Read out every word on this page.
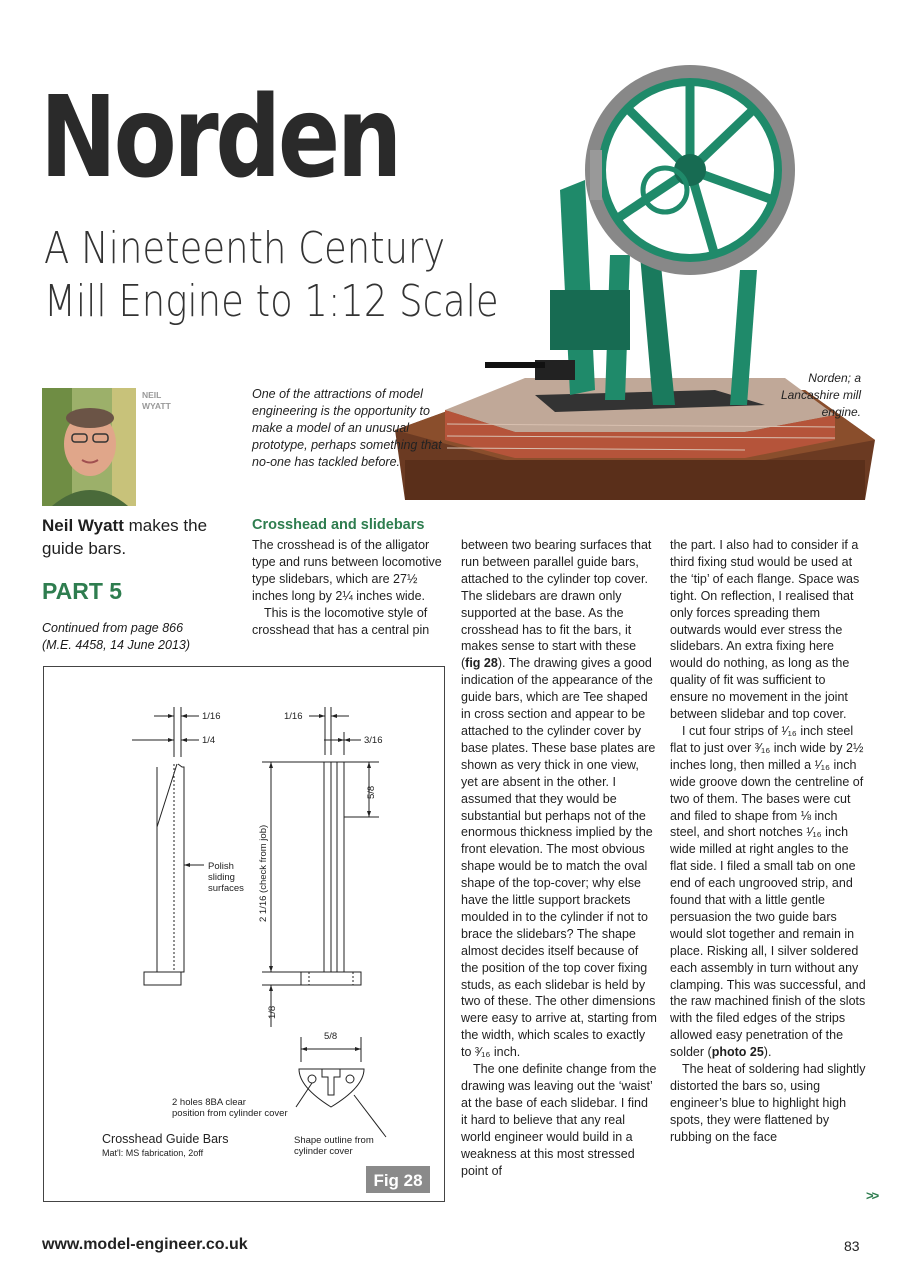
Norden
A Nineteenth Century
Mill Engine to 1:12 Scale
Norden; a Lancashire mill engine.
NEIL
WYATT
One of the attractions of model engineering is the opportunity to make a model of an unusual prototype, perhaps something that no-one has tackled before.
Neil Wyatt makes the guide bars.
PART 5
Continued from page 866
(M.E. 4458, 14 June 2013)
Crosshead and slidebars

The crosshead is of the alligator type and runs between locomotive type slidebars, which are 27½ inches long by 2¼ inches wide.

This is the locomotive style of crosshead that has a central pin

between two bearing surfaces that run between parallel guide bars, attached to the cylinder top cover. The slidebars are drawn only supported at the base. As the crosshead has to fit the bars, it makes sense to start with these (fig 28). The drawing gives a good indication of the appearance of the guide bars, which are Tee shaped in cross section and appear to be attached to the cylinder cover by base plates. These base plates are shown as very thick in one view, yet are absent in the other. I assumed that they would be substantial but perhaps not of the enormous thickness implied by the front elevation. The most obvious shape would be to match the oval shape of the top-cover; why else have the little support brackets moulded in to the cylinder if not to brace the slidebars? The shape almost decides itself because of the position of the top cover fixing studs, as each slidebar is held by two of these. The other dimensions were easy to arrive at, starting from the width, which scales to exactly to ³⁄₁₆ inch.

The one definite change from the drawing was leaving out the ‘waist’ at the base of each slidebar. I find it hard to believe that any real world engineer would build in a weakness at this most stressed point of

the part. I also had to consider if a third fixing stud would be used at the ‘tip’ of each flange. Space was tight. On reflection, I realised that only forces spreading them outwards would ever stress the slidebars. An extra fixing here would do nothing, as long as the quality of fit was sufficient to ensure no movement in the joint between slidebar and top cover.

I cut four strips of ¹⁄₁₆ inch steel flat to just over ³⁄₁₆ inch wide by 2½ inches long, then milled a ¹⁄₁₆ inch wide groove down the centreline of two of them. The bases were cut and filed to shape from ⅛ inch steel, and short notches ¹⁄₁₆ inch wide milled at right angles to the flat side. I filed a small tab on one end of each ungrooved strip, and found that with a little gentle persuasion the two guide bars would slot together and remain in place. Risking all, I silver soldered each assembly in turn without any clamping. This was successful, and the raw machined finish of the slots with the filed edges of the strips allowed easy penetration of the solder (photo 25).

The heat of soldering had slightly distorted the bars so, using engineer’s blue to highlight high spots, they were flattened by rubbing on the face

>>
1/16
1/4
1/16
3/16
5/8
2 1/16 (check from job)
1/8
5/8
Polish
sliding
surfaces
2 holes 8BA clear
position from cylinder cover
Shape outline from
cylinder cover
Crosshead Guide Bars
Mat'l: MS fabrication, 2off
Fig 28
www.model-engineer.co.uk	83
